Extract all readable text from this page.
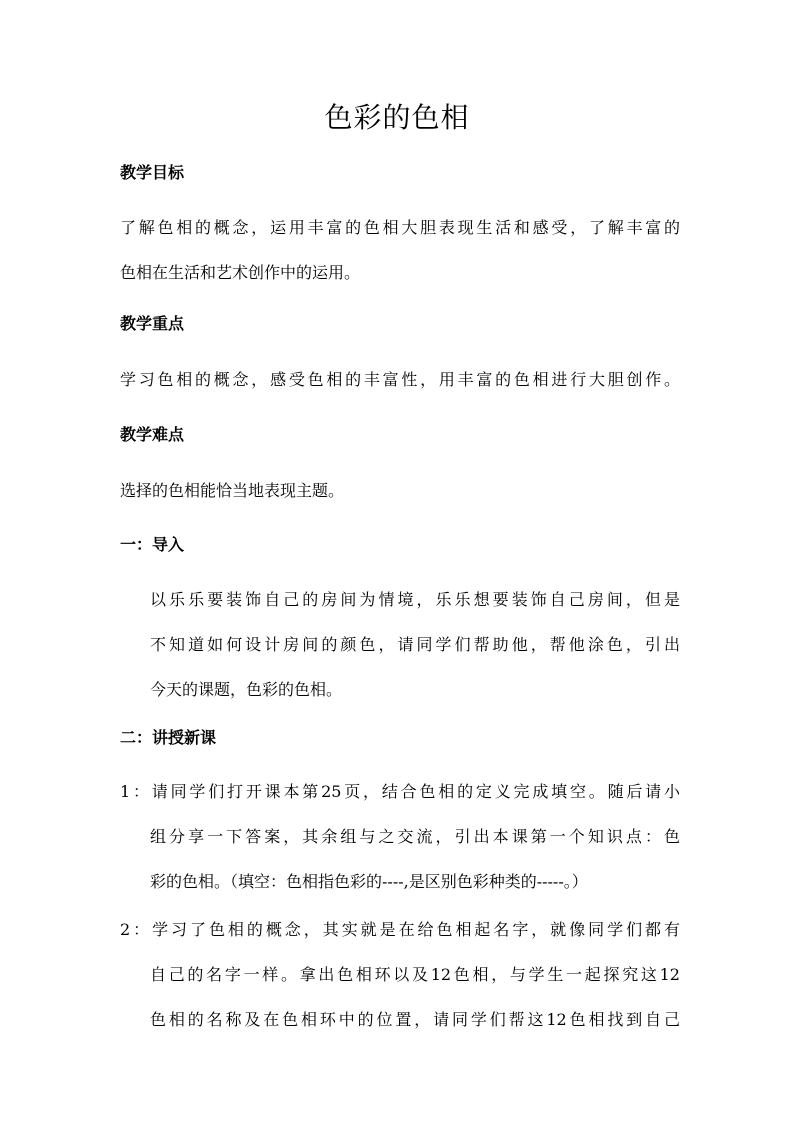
色彩的色相
教学目标
了解色相的概念，运用丰富的色相大胆表现生活和感受，了解丰富的
色相在生活和艺术创作中的运用。
教学重点
学习色相的概念，感受色相的丰富性，用丰富的色相进行大胆创作。
教学难点
选择的色相能恰当地表现主题。
一：导入
以乐乐要装饰自己的房间为情境，乐乐想要装饰自己房间，但是
不知道如何设计房间的颜色，请同学们帮助他，帮他涂色，引出
今天的课题，色彩的色相。
二：讲授新课
1：请同学们打开课本第25页，结合色相的定义完成填空。随后请小
组分享一下答案，其余组与之交流，引出本课第一个知识点：色
彩的色相。（填空：色相指色彩的----,是区别色彩种类的-----。）
2：学习了色相的概念，其实就是在给色相起名字，就像同学们都有
自己的名字一样。拿出色相环以及12色相，与学生一起探究这12
色相的名称及在色相环中的位置，请同学们帮这12色相找到自己
